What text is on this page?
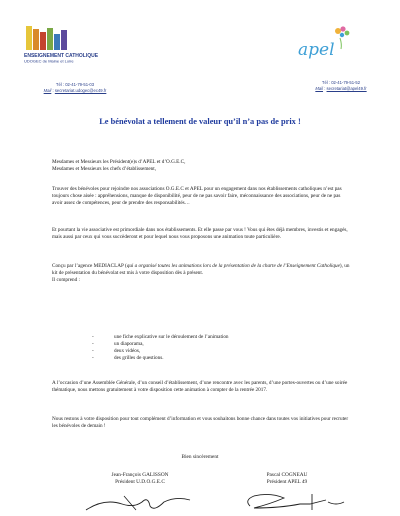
ENSEIGNEMENT CATHOLIQUE
UDOGEC de Maine et Loire
Tél : 02-41-79-51-03
Mail : secretariat.udogec@ec49.fr
apel
Tél : 02-41-79-51-52
Mail : secretariat@apel49.fr
Le bénévolat a tellement de valeur qu’il n’a pas de prix !

Mesdames et Messieurs les Président(e)s d’APEL et d’O.G.E.C,

Mesdames et Messieurs les chefs d’établissement,

Trouver des bénévoles pour rejoindre nos associations O.G.E.C et APEL pour un engagement dans nos établissements catholiques n’est pas toujours chose aisée : appréhensions, manque de disponibilité, peur de ne pas savoir faire, méconnaissance des associations, peur de ne pas avoir assez de compétences, peur de prendre des responsabilités…

Et pourtant la vie associative est primordiale dans nos établissements. Et elle passe par vous ! Vous qui êtes déjà membres, investis et engagés, mais aussi par ceux qui vous succèderont et pour lequel nous vous proposons une animation toute particulière.

Conçu par l’agence MEDIACLAP (qui a organisé toutes les animations lors de la présentation de la charte de l’Enseignement Catholique), un kit de présentation du bénévolat est mis à votre disposition dès à présent.
Il comprend :

- une fiche explicative sur le déroulement de l’animation
- un diaporama,
- deux vidéos,
- des grilles de questions.

A l’occasion d’une Assemblée Générale, d’un conseil d’établissement, d’une rencontre avec les parents, d’une portes-ouvertes ou d’une soirée thématique, nous mettons gratuitement à votre disposition cette animation à compter de la rentrée 2017.

Nous restons à votre disposition pour tout complément d’information et vous souhaitons bonne chance dans toutes vos initiatives pour recruter les bénévoles de demain !

Bien sincèrement
Jean-François GALISSON
Président U.D.O.G.E.C
Pascal COGNEAU
Président APEL 49
